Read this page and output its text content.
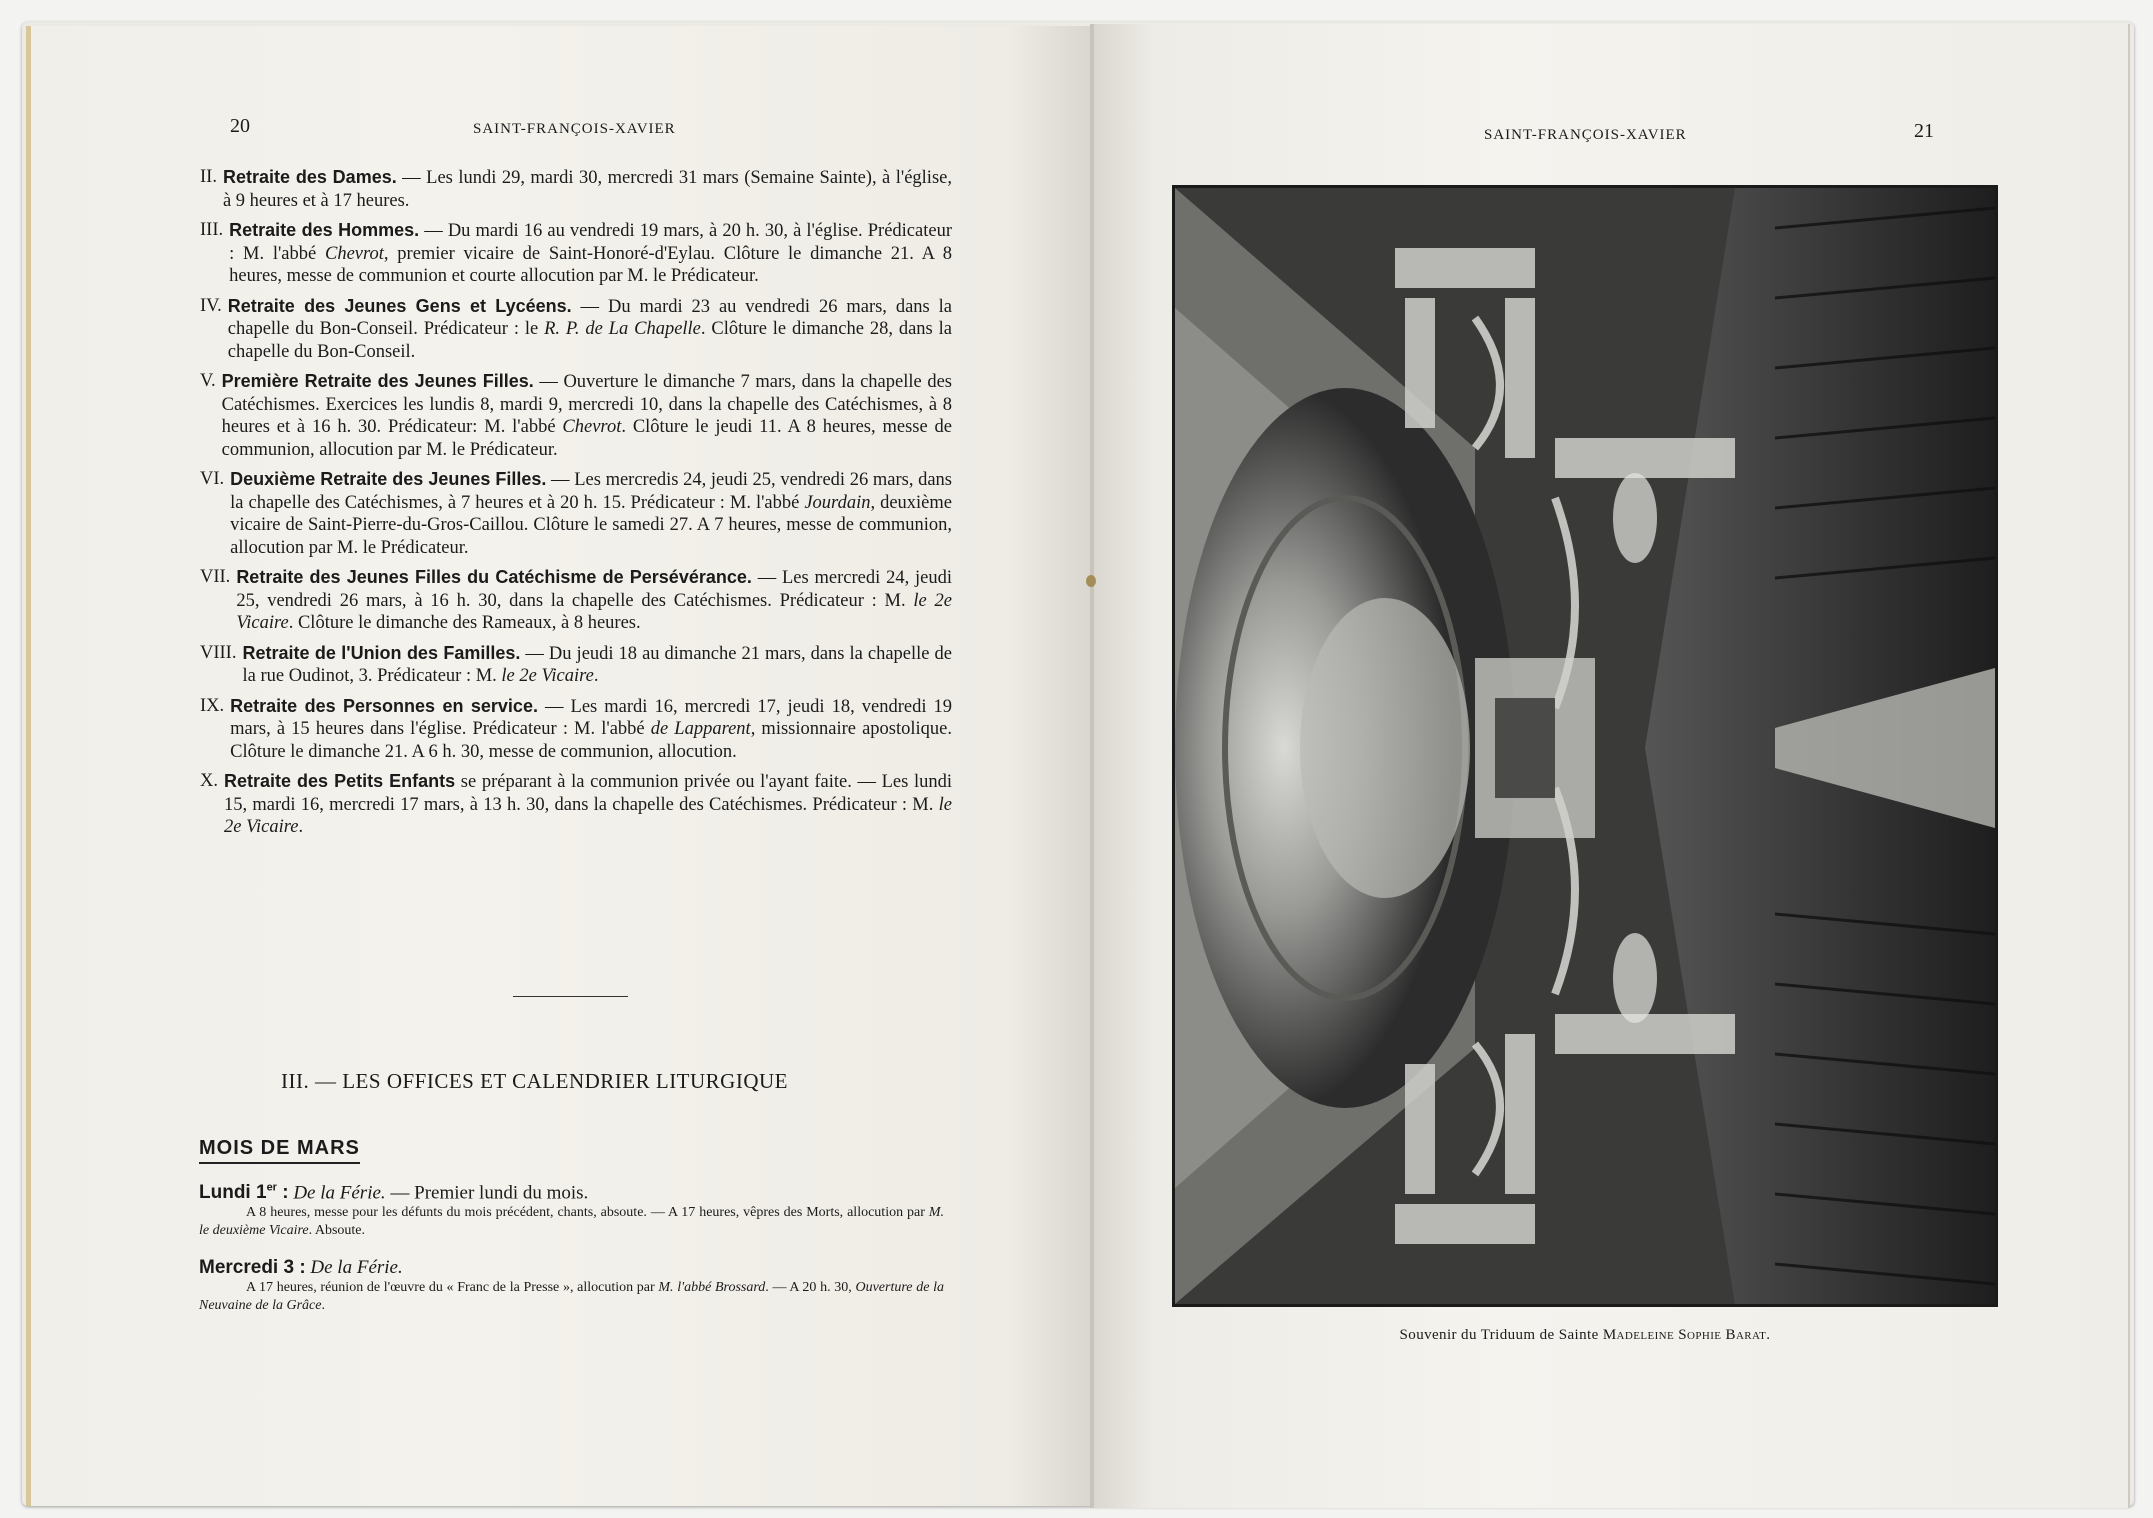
20	SAINT-FRANÇOIS-XAVIER
II. Retraite des Dames. — Les lundi 29, mardi 30, mercredi 31 mars (Semaine Sainte), à l'église, à 9 heures et à 17 heures.
III. Retraite des Hommes. — Du mardi 16 au vendredi 19 mars, à 20 h. 30, à l'église. Prédicateur : M. l'abbé Chevrot, premier vicaire de Saint-Honoré-d'Eylau. Clôture le dimanche 21. A 8 heures, messe de communion et courte allocution par M. le Prédicateur.
IV. Retraite des Jeunes Gens et Lycéens. — Du mardi 23 au vendredi 26 mars, dans la chapelle du Bon-Conseil. Prédicateur : le R. P. de La Chapelle. Clôture le dimanche 28, dans la chapelle du Bon-Conseil.
V. Première Retraite des Jeunes Filles. — Ouverture le dimanche 7 mars, dans la chapelle des Catéchismes. Exercices les lundis 8, mardi 9, mercredi 10, dans la chapelle des Catéchismes, à 8 heures et à 16 h. 30. Prédicateur: M. l'abbé Chevrot. Clôture le jeudi 11. A 8 heures, messe de communion, allocution par M. le Prédicateur.
VI. Deuxième Retraite des Jeunes Filles. — Les mercredis 24, jeudi 25, vendredi 26 mars, dans la chapelle des Catéchismes, à 7 heures et à 20 h. 15. Prédicateur : M. l'abbé Jourdain, deuxième vicaire de Saint-Pierre-du-Gros-Caillou. Clôture le samedi 27. A 7 heures, messe de communion, allocution par M. le Prédicateur.
VII. Retraite des Jeunes Filles du Catéchisme de Persévérance. — Les mercredi 24, jeudi 25, vendredi 26 mars, à 16 h. 30, dans la chapelle des Catéchismes. Prédicateur : M. le 2e Vicaire. Clôture le dimanche des Rameaux, à 8 heures.
VIII. Retraite de l'Union des Familles. — Du jeudi 18 au dimanche 21 mars, dans la chapelle de la rue Oudinot, 3. Prédicateur : M. le 2e Vicaire.
IX. Retraite des Personnes en service. — Les mardi 16, mercredi 17, jeudi 18, vendredi 19 mars, à 15 heures dans l'église. Prédicateur : M. l'abbé de Lapparent, missionnaire apostolique. Clôture le dimanche 21. A 6 h. 30, messe de communion, allocution.
X. Retraite des Petits Enfants se préparant à la communion privée ou l'ayant faite. — Les lundi 15, mardi 16, mercredi 17 mars, à 13 h. 30, dans la chapelle des Catéchismes. Prédicateur : M. le 2e Vicaire.
III. — LES OFFICES ET CALENDRIER LITURGIQUE
MOIS DE MARS
Lundi 1er : De la Férie. — Premier lundi du mois.
A 8 heures, messe pour les défunts du mois précédent, chants, absoute. — A 17 heures, vêpres des Morts, allocution par M. le deuxième Vicaire. Absoute.
Mercredi 3 : De la Férie.
A 17 heures, réunion de l'œuvre du « Franc de la Presse », allocution par M. l'abbé Brossard. — A 20 h. 30, Ouverture de la Neuvaine de la Grâce.
SAINT-FRANÇOIS-XAVIER	21
Souvenir du Triduum de Sainte Madeleine Sophie Barat.
